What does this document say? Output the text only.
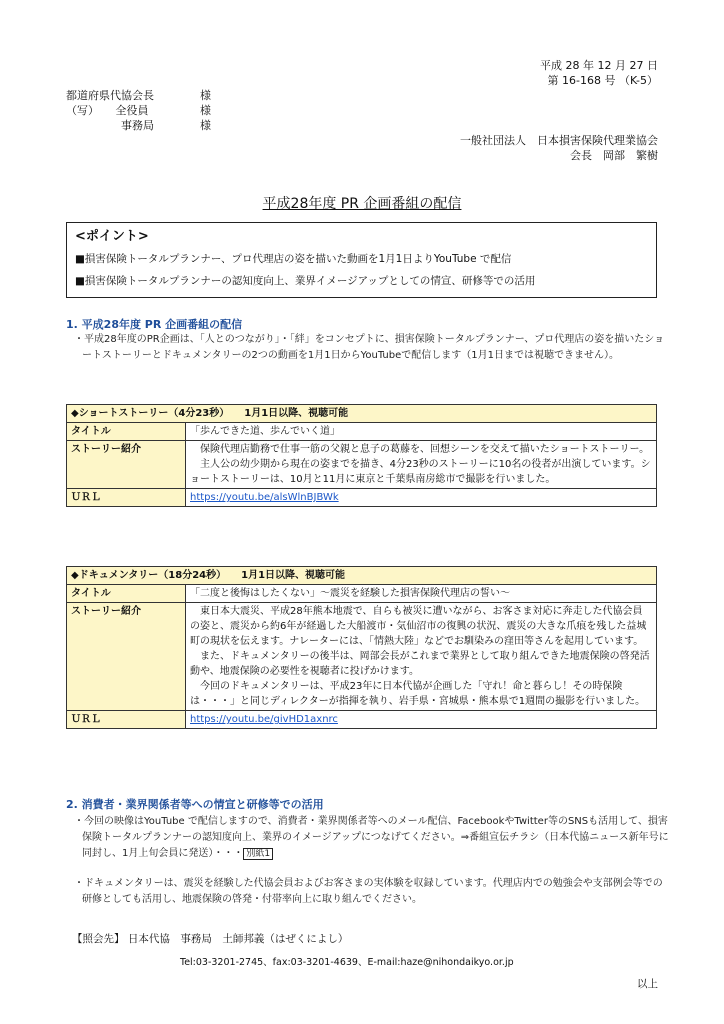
平成 28 年 12 月 27 日
第 16-168 号 （K-5）
都道府県代協会長	様
（写）　　全役員	様
　　　　　事務局	様
一般社団法人　日本損害保険代理業協会
会長　岡部　繁樹
平成28年度 PR 企画番組の配信
<ポイント>
■損害保険トータルプランナー、プロ代理店の姿を描いた動画を1月1日よりYouTube で配信
■損害保険トータルプランナーの認知度向上、業界イメージアップとしての情宣、研修等での活用
1. 平成28年度 PR 企画番組の配信
・平成28年度のPR企画は、「人とのつながり」・「絆」をコンセプトに、損害保険トータルプランナー、プロ代理店の姿を描いたショートストーリーとドキュメンタリーの2つの動画を1月1日からYouTubeで配信します（1月1日までは視聴できません）。
◆ショートストーリー（4分23秒）　　1月1日以降、視聴可能	
タイトル	「歩んできた道、歩んでいく道」
ストーリー紹介	保険代理店勤務で仕事一筋の父親と息子の葛藤を、回想シーンを交えて描いたショートストーリー。

主人公の幼少期から現在の姿までを描き、4分23秒のストーリーに10名の役者が出演しています。ショートストーリーは、10月と11月に東京と千葉県南房総市で撮影を行いました。

ＵＲＬ	https://youtu.be/alsWlnBJBWk
◆ドキュメンタリー（18分24秒）　　1月1日以降、視聴可能	
タイトル	「二度と後悔はしたくない」～震災を経験した損害保険代理店の誓い～
ストーリー紹介	東日本大震災、平成28年熊本地震で、自らも被災に遭いながら、お客さま対応に奔走した代協会員の姿と、震災から約6年が経過した大船渡市・気仙沼市の復興の状況、震災の大きな爪痕を残した益城町の現状を伝えます。ナレーターには、「情熱大陸」などでお馴染みの窪田等さんを起用しています。

また、ドキュメンタリーの後半は、岡部会長がこれまで業界として取り組んできた地震保険の啓発活動や、地震保険の必要性を視聴者に投げかけます。

今回のドキュメンタリーは、平成23年に日本代協が企画した「守れ！命と暮らし！その時保険は・・・」と同じディレクターが指揮を執り、岩手県・宮城県・熊本県で1週間の撮影を行いました。

ＵＲＬ	https://youtu.be/givHD1axnrc
2. 消費者・業界関係者等への情宣と研修等での活用
・今回の映像はYouTube で配信しますので、消費者・業界関係者等へのメール配信、FacebookやTwitter等のSNSも活用して、損害保険トータルプランナーの認知度向上、業界のイメージアップにつなげてください。⇒番組宣伝チラシ（日本代協ニュース新年号に同封し、1月上旬会員に発送）・・・ 別紙1
・ドキュメンタリーは、震災を経験した代協会員およびお客さまの実体験を収録しています。代理店内での勉強会や支部例会等での研修としても活用し、地震保険の啓発・付帯率向上に取り組んでください。
【照会先】 日本代協　事務局　土師邦義（はぜくによし）
Tel:03-3201-2745、fax:03-3201-4639、E-mail:haze@nihondaikyo.or.jp
以上
